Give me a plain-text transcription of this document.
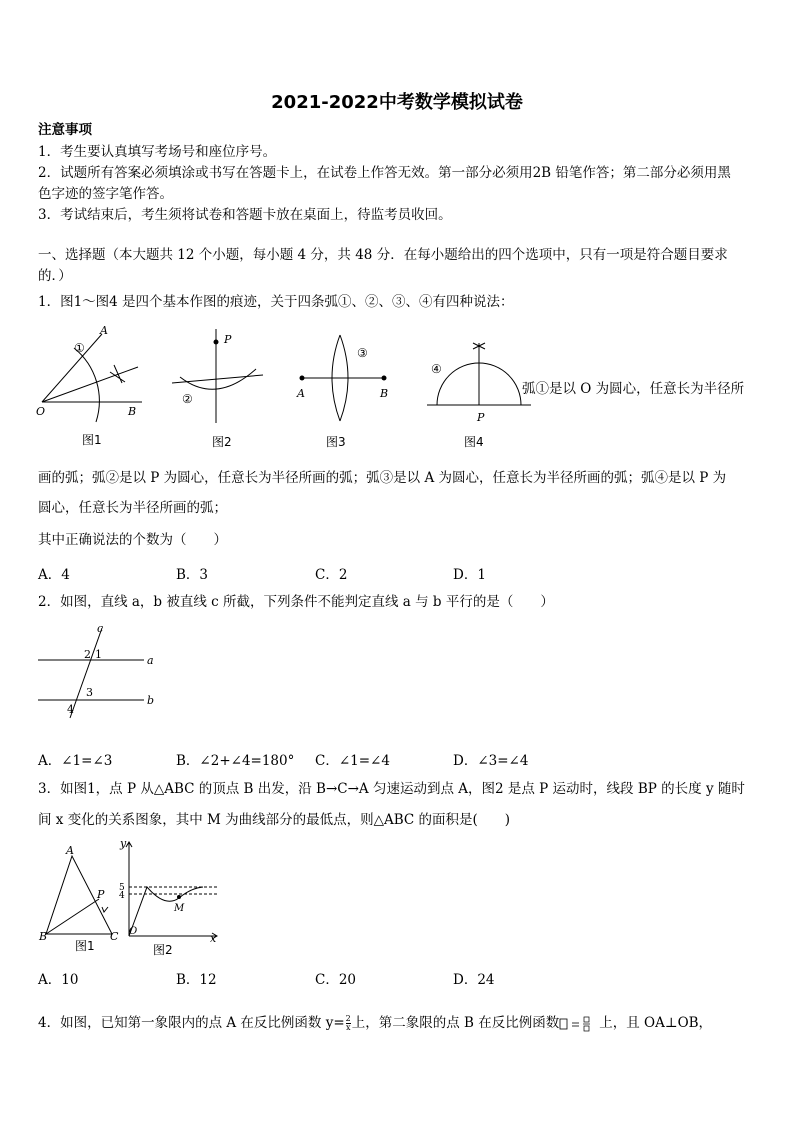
2021-2022中考数学模拟试卷
注意事项
1．考生要认真填写考场号和座位序号。
2．试题所有答案必须填涂或书写在答题卡上，在试卷上作答无效。第一部分必须用2B 铅笔作答；第二部分必须用黑
色字迹的签字笔作答。
3．考试结束后，考生须将试卷和答题卡放在桌面上，待监考员收回。
一、选择题（本大题共 12 个小题，每小题 4 分，共 48 分．在每小题给出的四个选项中，只有一项是符合题目要求
的．）
1．图1～图4 是四个基本作图的痕迹，关于四条弧①、②、③、④有四种说法：
A
O	B
①
图1
P
②
图2
A	B
③
图3
P
④
图4
弧①是以 O 为圆心，任意长为半径所
画的弧；弧②是以 P 为圆心，任意长为半径所画的弧；弧③是以 A 为圆心，任意长为半径所画的弧；弧④是以 P 为
圆心，任意长为半径所画的弧；
其中正确说法的个数为（　　）
A．4	B．3	C．2	D．1
2．如图，直线 a，b 被直线 c 所截，下列条件不能判定直线 a 与 b 平行的是（　　）
c
a
b
2 1
3
4
A．∠1=∠3	B．∠2+∠4=180° C．∠1=∠4	D．∠3=∠4
3．如图1，点 P 从△ABC 的顶点 B 出发，沿 B→C→A 匀速运动到点 A，图2 是点 P 运动时，线段 BP 的长度 y 随时
间 x 变化的关系图象，其中 M 为曲线部分的最低点，则△ABC 的面积是(　　)
A
B	C
P
图1
y
x
O
M
5
4
图2
A．10	B．12	C．20	D．24
4．如图，已知第一象限内的点 A 在反比例函数 $y= \frac{2}{x}$ 上，第二象限的点 B 在反比例函数	上，且 OA⊥OB，
